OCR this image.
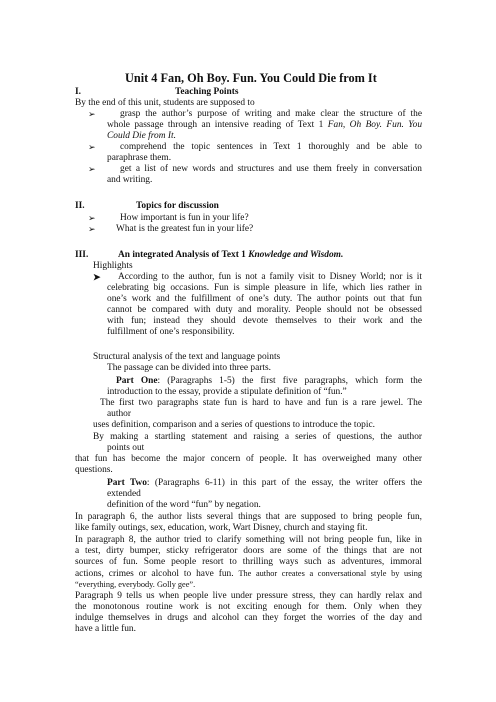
Unit 4 Fan, Oh Boy. Fun. You Could Die from It
I.	Teaching Points
By the end of this unit, students are supposed to
➢	grasp the author’s purpose of writing and make clear the structure of the
whole passage through an intensive reading of Text 1 Fan, Oh Boy. Fun. You
Could Die from It.
➢	comprehend the topic sentences in Text 1 thoroughly and be able to
paraphrase them.
➢	get a list of new words and structures and use them freely in conversation
and writing.
II.	Topics for discussion
➢	How important is fun in your life?
➢ What is the greatest fun in your life?
III.	An integrated Analysis of Text 1 Knowledge and Wisdom.
Highlights
➤ According to the author, fun is not a family visit to Disney World; nor is it
celebrating big occasions. Fun is simple pleasure in life, which lies rather in
one’s work and the fulfillment of one’s duty. The author points out that fun
cannot be compared with duty and morality. People should not be obsessed
with fun; instead they should devote themselves to their work and the
fulfillment of one’s responsibility.
Structural analysis of the text and language points
The passage can be divided into three parts.
Part One: (Paragraphs 1-5) the first five paragraphs, which form the
introduction to the essay, provide a stipulate definition of “fun.”
The first two paragraphs state fun is hard to have and fun is a rare jewel. The
author
uses definition, comparison and a series of questions to introduce the topic.
By making a startling statement and raising a series of questions, the author
points out
that fun has become the major concern of people. It has overweighed many other
questions.
Part Two: (Paragraphs 6-11) in this part of the essay, the writer offers the
extended
definition of the word “fun” by negation.
In paragraph 6, the author lists several things that are supposed to bring people fun,
like family outings, sex, education, work, Wart Disney, church and staying fit.
In paragraph 8, the author tried to clarify something will not bring people fun, like in
a test, dirty bumper, sticky refrigerator doors are some of the things that are not
sources of fun. Some people resort to thrilling ways such as adventures, immoral
actions, crimes or alcohol to have fun. The author creates a conversational style by using
“everything, everybody. Golly gee”.
Paragraph 9 tells us when people live under pressure stress, they can hardly relax and
the monotonous routine work is not exciting enough for them. Only when they
indulge themselves in drugs and alcohol can they forget the worries of the day and
have a little fun.
